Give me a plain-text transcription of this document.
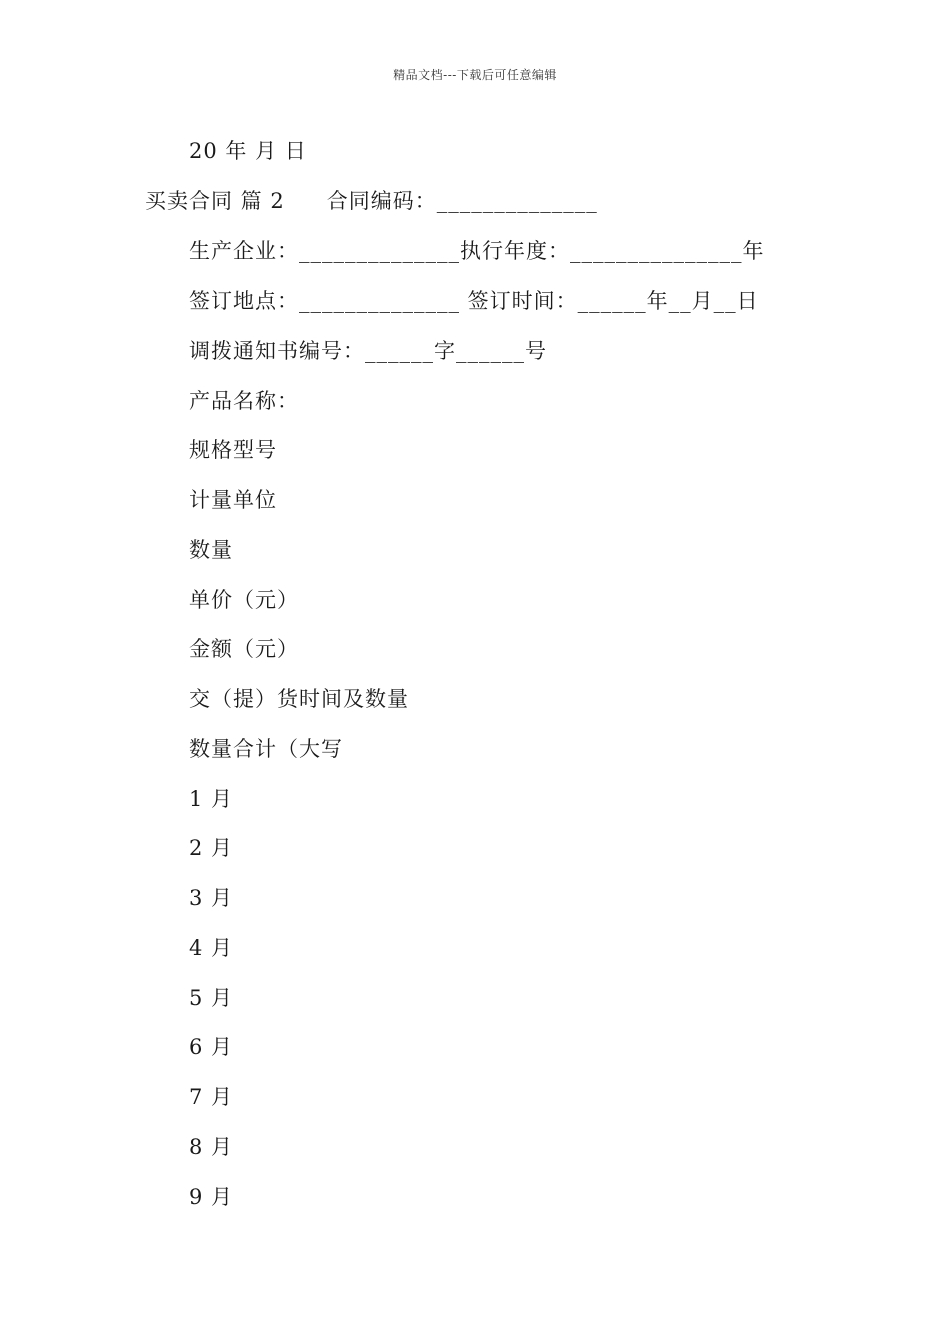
精品文档---下载后可任意编辑
20 年 月 日
买卖合同 篇 2 合同编码：______________
生产企业：______________执行年度：_______________年
签订地点：______________ 签订时间：______年__月__日
调拨通知书编号：______字______号
产品名称：
规格型号
计量单位
数量
单价（元）
金额（元）
交（提）货时间及数量
数量合计（大写
1 月
2 月
3 月
4 月
5 月
6 月
7 月
8 月
9 月
